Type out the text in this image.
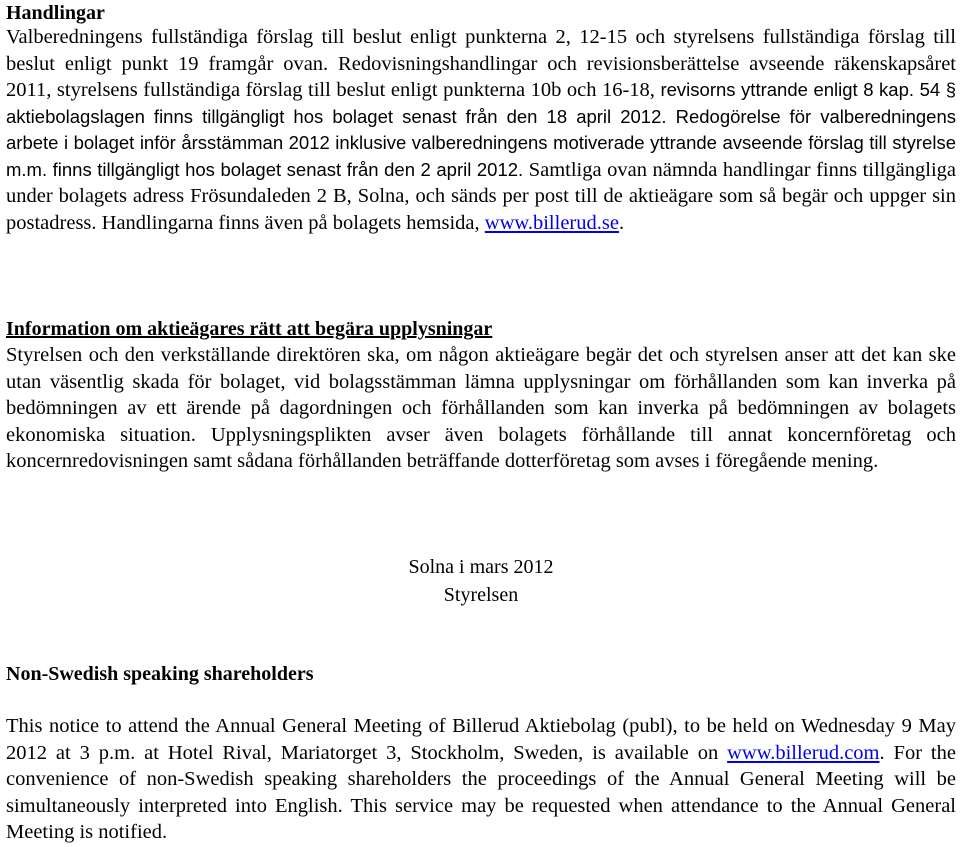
Handlingar

Valberedningens fullständiga förslag till beslut enligt punkterna 2, 12-15 och styrelsens fullständiga förslag till beslut enligt punkt 19 framgår ovan. Redovisningshandlingar och revisionsberättelse avseende räkenskapsåret 2011, styrelsens fullständiga förslag till beslut enligt punkterna 10b och 16-18, revisorns yttrande enligt 8 kap. 54 § aktiebolagslagen finns tillgängligt hos bolaget senast från den 18 april 2012. Redogörelse för valberedningens arbete i bolaget inför årsstämman 2012 inklusive valberedningens motiverade yttrande avseende förslag till styrelse m.m. finns tillgängligt hos bolaget senast från den 2 april 2012. Samtliga ovan nämnda handlingar finns tillgängliga under bolagets adress Frösundaleden 2 B, Solna, och sänds per post till de aktieägare som så begär och uppger sin postadress. Handlingarna finns även på bolagets hemsida, www.billerud.se.

Information om aktieägares rätt att begära upplysningar

Styrelsen och den verkställande direktören ska, om någon aktieägare begär det och styrelsen anser att det kan ske utan väsentlig skada för bolaget, vid bolagsstämman lämna upplysningar om förhållanden som kan inverka på bedömningen av ett ärende på dagordningen och förhållanden som kan inverka på bedömningen av bolagets ekonomiska situation. Upplysningsplikten avser även bolagets förhållande till annat koncernföretag och koncernredovisningen samt sådana förhållanden beträffande dotterföretag som avses i föregående mening.

Solna i mars 2012
Styrelsen
Non-Swedish speaking shareholders

This notice to attend the Annual General Meeting of Billerud Aktiebolag (publ), to be held on Wednesday 9 May 2012 at 3 p.m. at Hotel Rival, Mariatorget 3, Stockholm, Sweden, is available on www.billerud.com. For the convenience of non-Swedish speaking shareholders the proceedings of the Annual General Meeting will be simultaneously interpreted into English. This service may be requested when attendance to the Annual General Meeting is notified.
